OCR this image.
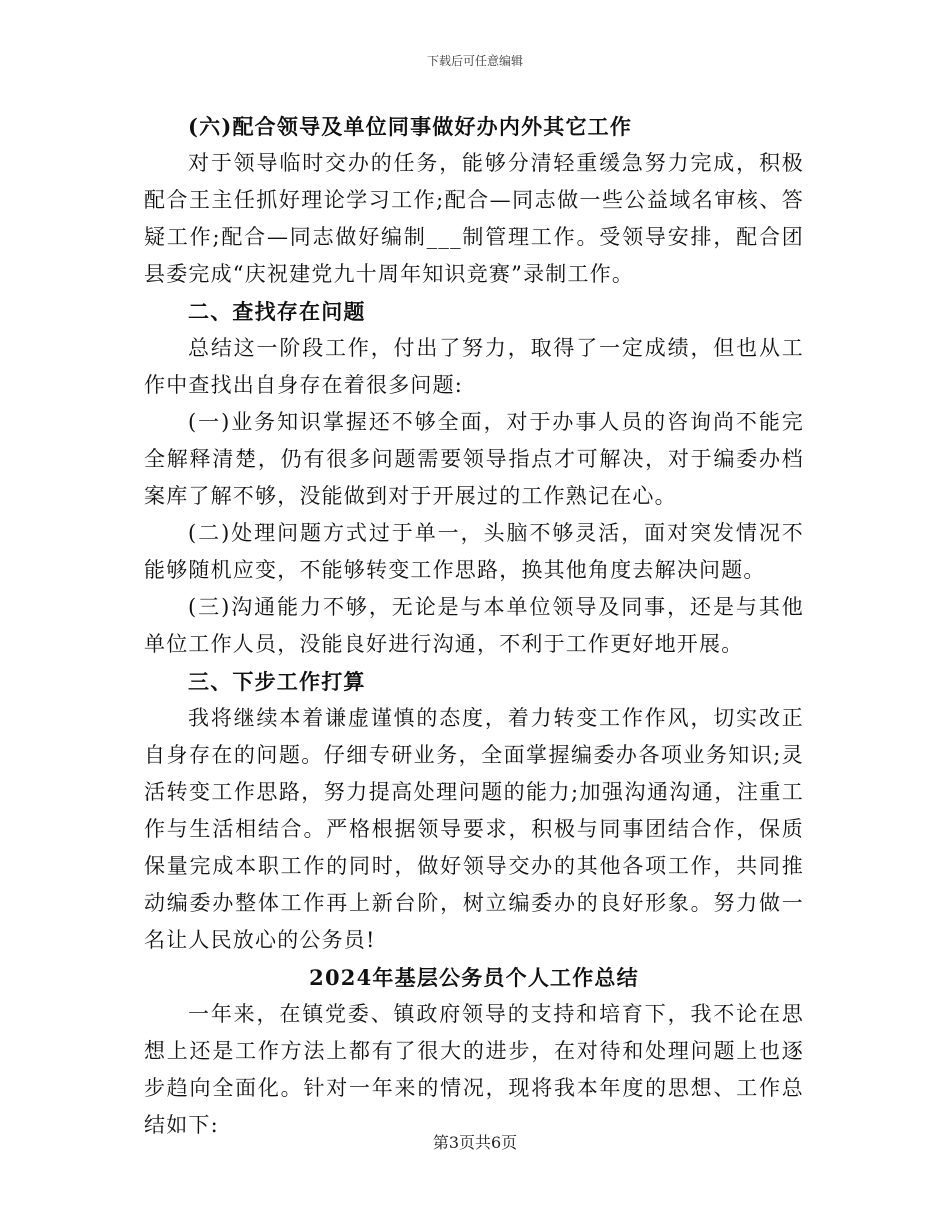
下载后可任意编辑

(六)配合领导及单位同事做好办内外其它工作

对于领导临时交办的任务，能够分清轻重缓急努力完成，积极配合王主任抓好理论学习工作;配合—同志做一些公益域名审核、答疑工作;配合—同志做好编制___制管理工作。受领导安排，配合团县委完成“庆祝建党九十周年知识竞赛”录制工作。

二、查找存在问题

总结这一阶段工作，付出了努力，取得了一定成绩，但也从工作中查找出自身存在着很多问题:

(一)业务知识掌握还不够全面，对于办事人员的咨询尚不能完全解释清楚，仍有很多问题需要领导指点才可解决，对于编委办档案库了解不够，没能做到对于开展过的工作熟记在心。

(二)处理问题方式过于单一，头脑不够灵活，面对突发情况不能够随机应变，不能够转变工作思路，换其他角度去解决问题。

(三)沟通能力不够，无论是与本单位领导及同事，还是与其他单位工作人员，没能良好进行沟通，不利于工作更好地开展。

三、下步工作打算

我将继续本着谦虚谨慎的态度，着力转变工作作风，切实改正自身存在的问题。仔细专研业务，全面掌握编委办各项业务知识;灵活转变工作思路，努力提高处理问题的能力;加强沟通沟通，注重工作与生活相结合。严格根据领导要求，积极与同事团结合作，保质保量完成本职工作的同时，做好领导交办的其他各项工作，共同推动编委办整体工作再上新台阶，树立编委办的良好形象。努力做一名让人民放心的公务员!

2024年基层公务员个人工作总结

一年来，在镇党委、镇政府领导的支持和培育下，我不论在思想上还是工作方法上都有了很大的进步，在对待和处理问题上也逐步趋向全面化。针对一年来的情况，现将我本年度的思想、工作总结如下:

第3页共6页
